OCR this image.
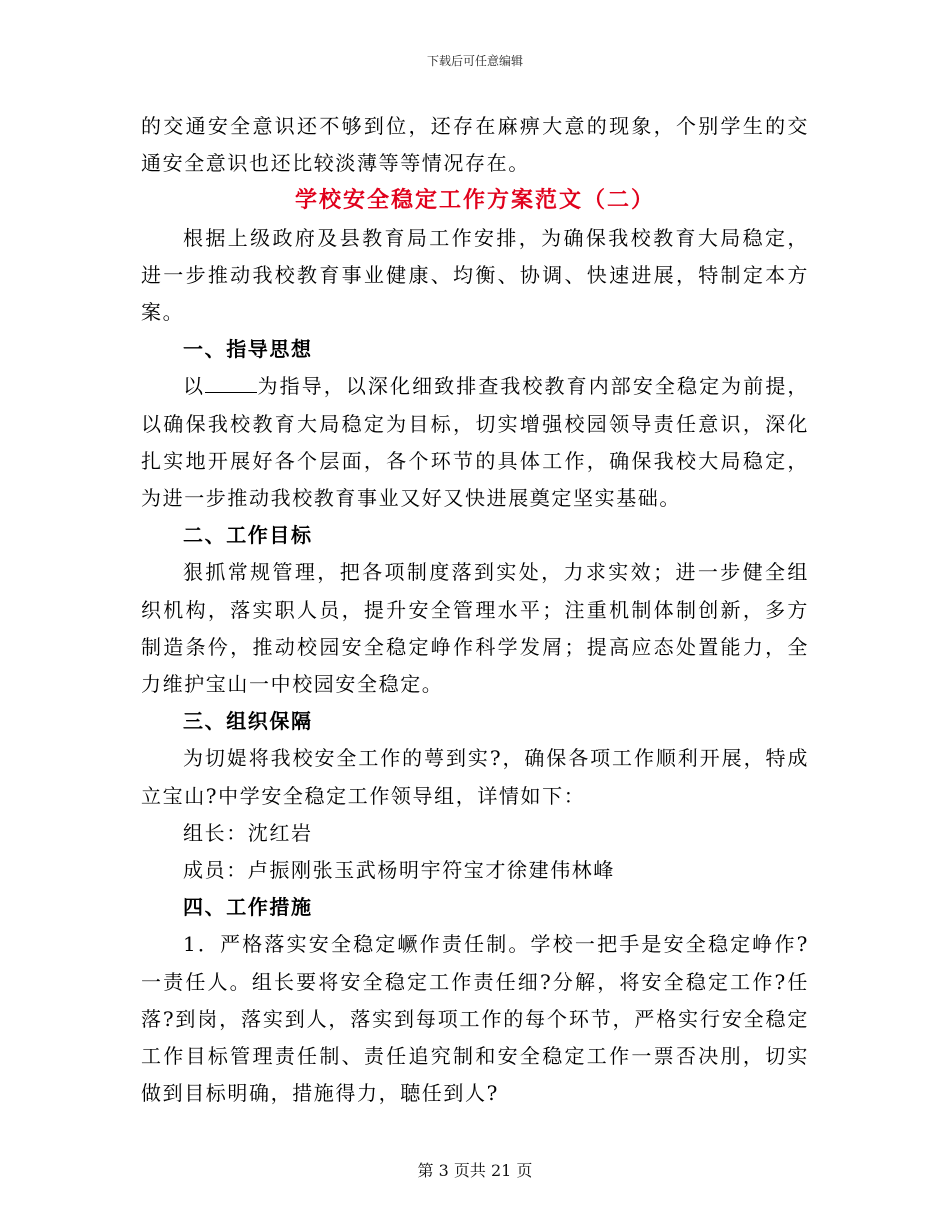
下载后可任意编辑

的交通安全意识还不够到位，还存在麻痹大意的现象，个别学生的交通安全意识也还比较淡薄等等情况存在。

学校安全稳定工作方案范文（二）

根据上级政府及县教育局工作安排，为确保我校教育大局稳定，进一步推动我校教育事业健康、均衡、协调、快速进展，特制定本方案。

一、指导思想

以	为指导，以深化细致排查我校教育内部安全稳定为前提，以确保我校教育大局稳定为目标，切实增强校园领导责任意识，深化扎实地开展好各个层面，各个环节的具体工作，确保我校大局稳定，为进一步推动我校教育事业又好又快进展奠定坚实基础。

二、工作目标

狠抓常规管理，把各项制度落到实处，力求实效；进一步健全组织机构，落实职人员，提升安全管理水平；注重机制体制创新，多方制造条仱，推动校园安全稳定峥作科学发屑；提高应态处置能力，全力维护宝山一中校园安全稳定。

三、组织保隔

为切媞将我校安全工作的萼到实?，确保各项工作顺利开展，特成立宝山?中学安全稳定工作领导组，详情如下：

组长：沈红岩

成员：卢振刚张玉武杨明宇符宝才徐建伟林峰

四、工作措施

1．严格落实安全稳定嶥作责任制。学校一把手是安全稳定峥作?一责任人。组长要将安全稳定工作责任细?分解，将安全稳定工作?任落?到岗，落实到人，落实到每项工作的每个环节，严格实行安全稳定工作目标管理责任制、责任追究制和安全稳定工作一票否决刖，切实做到目标明确，措施得力，聴任到人?

第 3 页共 21 页
